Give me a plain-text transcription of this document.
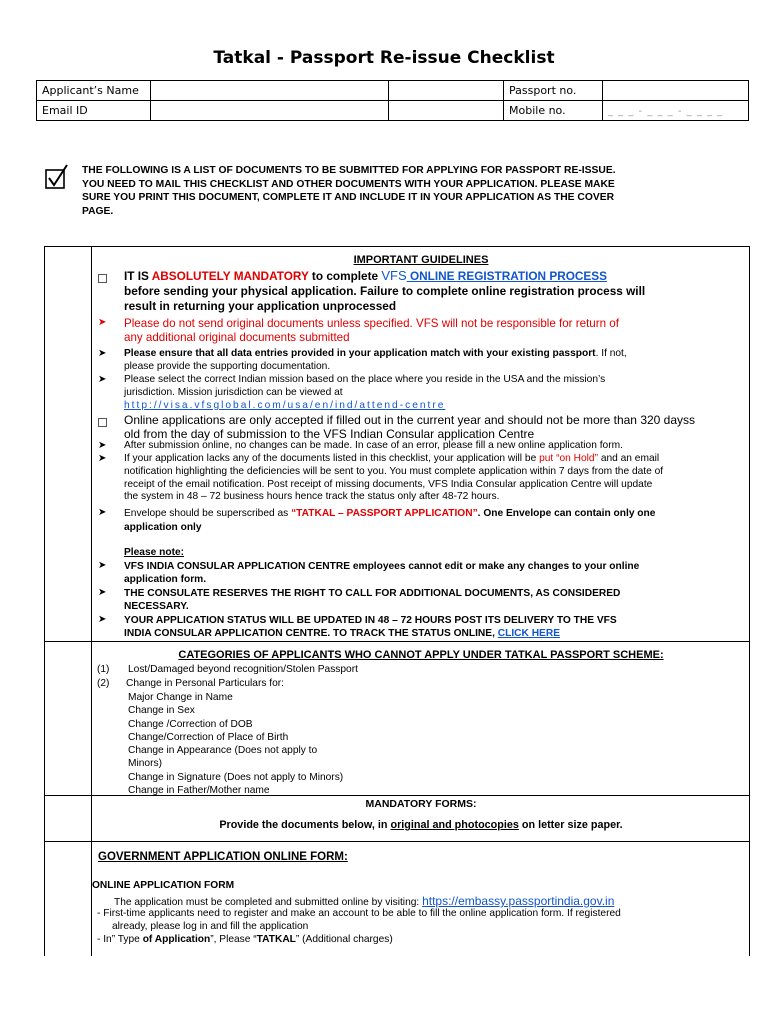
Tatkal - Passport Re-issue Checklist
Applicant’s Name			Passport no.	
Email ID			Mobile no.	_ _ _ - _ _ _ - _ _ _ _
THE FOLLOWING IS A LIST OF DOCUMENTS TO BE SUBMITTED FOR APPLYING FOR PASSPORT RE-ISSUE.
YOU NEED TO MAIL THIS CHECKLIST AND OTHER DOCUMENTS WITH YOUR APPLICATION. PLEASE MAKE
SURE YOU PRINT THIS DOCUMENT, COMPLETE IT AND INCLUDE IT IN YOUR APPLICATION AS THE COVER
PAGE.
IMPORTANT GUIDELINES
IT IS ABSOLUTELY MANDATORY to complete VFS ONLINE REGISTRATION PROCESS
before sending your physical application. Failure to complete online registration process will
result in returning your application unprocessed
➤ Please do not send original documents unless specified. VFS will not be responsible for return of
any additional original documents submitted
➤ Please ensure that all data entries provided in your application match with your existing passport. If not,
please provide the supporting documentation.
➤ Please select the correct Indian mission based on the place where you reside in the USA and the mission’s
jurisdiction. Mission jurisdiction can be viewed at
http://visa.vfsglobal.com/usa/en/ind/attend-centre
Online applications are only accepted if filled out in the current year and should not be more than 320 dayss
old from the day of submission to the VFS Indian Consular application Centre
➤ After submission online, no changes can be made. In case of an error, please fill a new online application form.
➤ If your application lacks any of the documents listed in this checklist, your application will be put “on Hold” and an email
notification highlighting the deficiencies will be sent to you. You must complete application within 7 days from the date of
receipt of the email notification. Post receipt of missing documents, VFS India Consular application Centre will update
the system in 48 – 72 business hours hence track the status only after 48-72 hours.
➤ Envelope should be superscribed as “TATKAL – PASSPORT APPLICATION”. One Envelope can contain only one
application only
Please note:
➤ VFS INDIA CONSULAR APPLICATION CENTRE employees cannot edit or make any changes to your online
application form.
➤ THE CONSULATE RESERVES THE RIGHT TO CALL FOR ADDITIONAL DOCUMENTS, AS CONSIDERED
NECESSARY.
➤ YOUR APPLICATION STATUS WILL BE UPDATED IN 48 – 72 HOURS POST ITS DELIVERY TO THE VFS
INDIA CONSULAR APPLICATION CENTRE. TO TRACK THE STATUS ONLINE, CLICK HERE
CATEGORIES OF APPLICANTS WHO CANNOT APPLY UNDER TATKAL PASSPORT SCHEME:
(1) Lost/Damaged beyond recognition/Stolen Passport
(2) Change in Personal Particulars for:
Major Change in Name
Change in Sex
Change /Correction of DOB
Change/Correction of Place of Birth
Change in Appearance (Does not apply to
Minors)
Change in Signature (Does not apply to Minors)
Change in Father/Mother name
MANDATORY FORMS:
Provide the documents below, in original and photocopies on letter size paper.
GOVERNMENT APPLICATION ONLINE FORM:
ONLINE APPLICATION FORM
The application must be completed and submitted online by visiting: https://embassy.passportindia.gov.in
- First-time applicants need to register and make an account to be able to fill the online application form. If registered
already, please log in and fill the application
- In” Type of Application”, Please “TATKAL” (Additional charges)
